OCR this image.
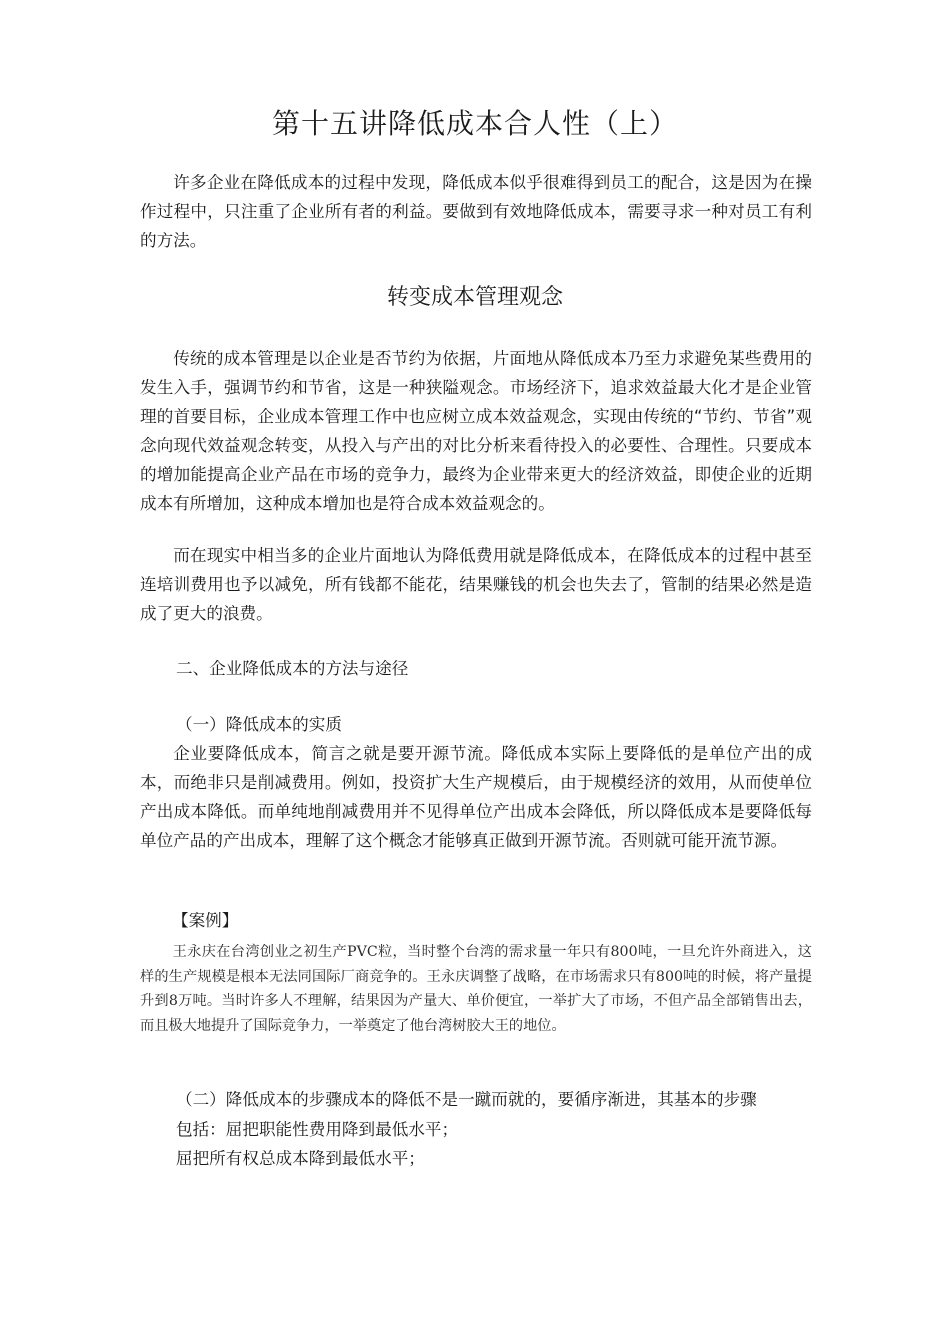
第十五讲降低成本合人性（上）

许多企业在降低成本的过程中发现，降低成本似乎很难得到员工的配合，这是因为在操作过程中，只注重了企业所有者的利益。要做到有效地降低成本，需要寻求一种对员工有利的方法。

转变成本管理观念

传统的成本管理是以企业是否节约为依据，片面地从降低成本乃至力求避免某些费用的发生入手，强调节约和节省，这是一种狭隘观念。市场经济下，追求效益最大化才是企业管理的首要目标，企业成本管理工作中也应树立成本效益观念，实现由传统的“节约、节省”观念向现代效益观念转变，从投入与产出的对比分析来看待投入的必要性、合理性。只要成本的增加能提高企业产品在市场的竞争力，最终为企业带来更大的经济效益，即使企业的近期成本有所增加，这种成本增加也是符合成本效益观念的。

而在现实中相当多的企业片面地认为降低费用就是降低成本，在降低成本的过程中甚至连培训费用也予以减免，所有钱都不能花，结果赚钱的机会也失去了，管制的结果必然是造成了更大的浪费。

二、企业降低成本的方法与途径
（一）降低成本的实质

企业要降低成本，简言之就是要开源节流。降低成本实际上要降低的是单位产出的成本，而绝非只是削减费用。例如，投资扩大生产规模后，由于规模经济的效用，从而使单位产出成本降低。而单纯地削减费用并不见得单位产出成本会降低，所以降低成本是要降低每单位产品的产出成本，理解了这个概念才能够真正做到开源节流。否则就可能开流节源。

【案例】

王永庆在台湾创业之初生产PVC粒，当时整个台湾的需求量一年只有800吨，一旦允许外商进入，这样的生产规模是根本无法同国际厂商竞争的。王永庆调整了战略，在市场需求只有800吨的时候，将产量提升到8万吨。当时许多人不理解，结果因为产量大、单价便宜，一举扩大了市场，不但产品全部销售出去，而且极大地提升了国际竞争力，一举奠定了他台湾树胶大王的地位。

（二）降低成本的步骤成本的降低不是一蹴而就的，要循序渐进，其基本的步骤
包括：屈把职能性费用降到最低水平；
屈把所有权总成本降到最低水平；
